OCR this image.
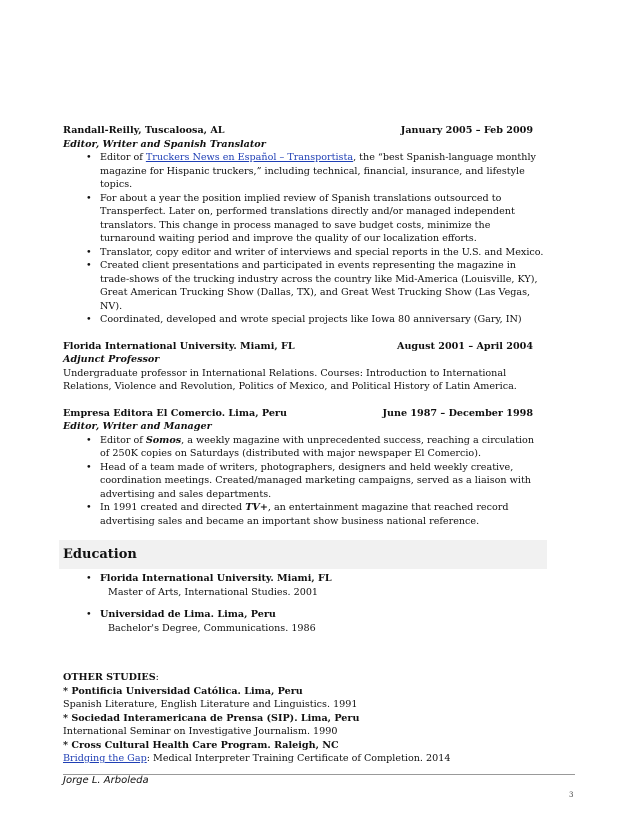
Randall-Reilly, Tuscaloosa, AL	January 2005 – Feb 2009
Editor, Writer and Spanish Translator
• Editor of Truckers News en Español – Transportista, the “best Spanish-language monthly magazine for Hispanic truckers,” including technical, financial, insurance, and lifestyle topics.
• For about a year the position implied review of Spanish translations outsourced to Transperfect. Later on, performed translations directly and/or managed independent translators. This change in process managed to save budget costs, minimize the turnaround waiting period and improve the quality of our localization efforts.
• Translator, copy editor and writer of interviews and special reports in the U.S. and Mexico.
• Created client presentations and participated in events representing the magazine in trade-shows of the trucking industry across the country like Mid-America (Louisville, KY), Great American Trucking Show (Dallas, TX), and Great West Trucking Show (Las Vegas, NV).
• Coordinated, developed and wrote special projects like Iowa 80 anniversary (Gary, IN)
Florida International University. Miami, FL	August 2001 – April 2004
Adjunct Professor
Undergraduate professor in International Relations. Courses: Introduction to International Relations, Violence and Revolution, Politics of Mexico, and Political History of Latin America.
Empresa Editora El Comercio. Lima, Peru	June 1987 – December 1998
Editor, Writer and Manager
• Editor of Somos, a weekly magazine with unprecedented success, reaching a circulation of 250K copies on Saturdays (distributed with major newspaper El Comercio).
• Head of a team made of writers, photographers, designers and held weekly creative, coordination meetings. Created/managed marketing campaigns, served as a liaison with advertising and sales departments.
• In 1991 created and directed TV+, an entertainment magazine that reached record advertising sales and became an important show business national reference.
Education
• Florida International University. Miami, FL
Master of Arts, International Studies. 2001
• Universidad de Lima. Lima, Peru
Bachelor's Degree, Communications. 1986
OTHER STUDIES:
* Pontificia Universidad Católica. Lima, Peru
Spanish Literature, English Literature and Linguistics. 1991
* Sociedad Interamericana de Prensa (SIP). Lima, Peru
International Seminar on Investigative Journalism. 1990
* Cross Cultural Health Care Program. Raleigh, NC
Bridging the Gap: Medical Interpreter Training Certificate of Completion. 2014
Jorge L. Arboleda
3
